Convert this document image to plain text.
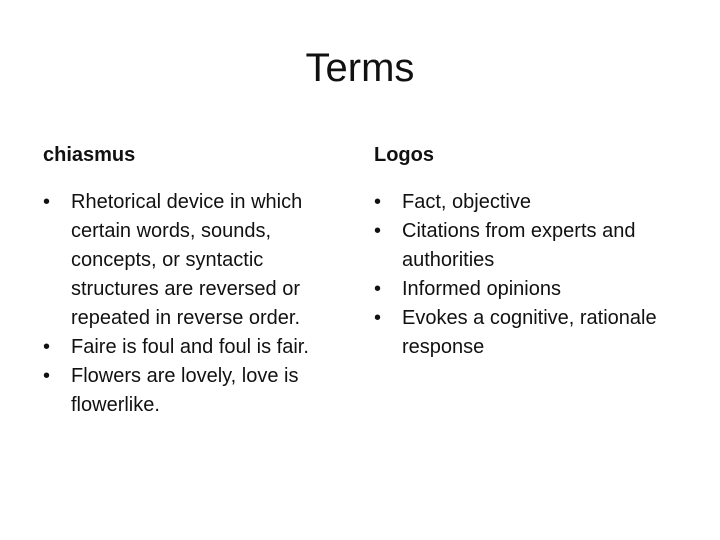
Terms
chiasmus
•	Rhetorical device in which certain words, sounds, concepts, or syntactic structures are reversed or repeated in reverse order.
•	Faire is foul and foul is fair.
•	Flowers are lovely, love is flowerlike.
Logos
•	Fact, objective
•	Citations from experts and authorities
•	Informed opinions
•	Evokes a cognitive, rationale response
